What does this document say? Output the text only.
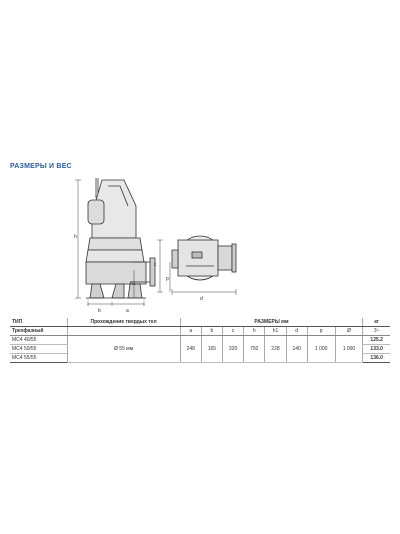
РАЗМЕРЫ И ВЕС
h
h1
b	a
c
p
d
ТИП	Прохождение твердых тел	РАЗМЕРЫ мм								кг
Трехфазный		a	b	c	h	h1	d	p	Ø	3~
MC4 40/55	Ø 55 мм	248	165	320	792	228	140	1 000	1 000	125.2
MC4 50/55										133.0
MC4 55/55										136.0
